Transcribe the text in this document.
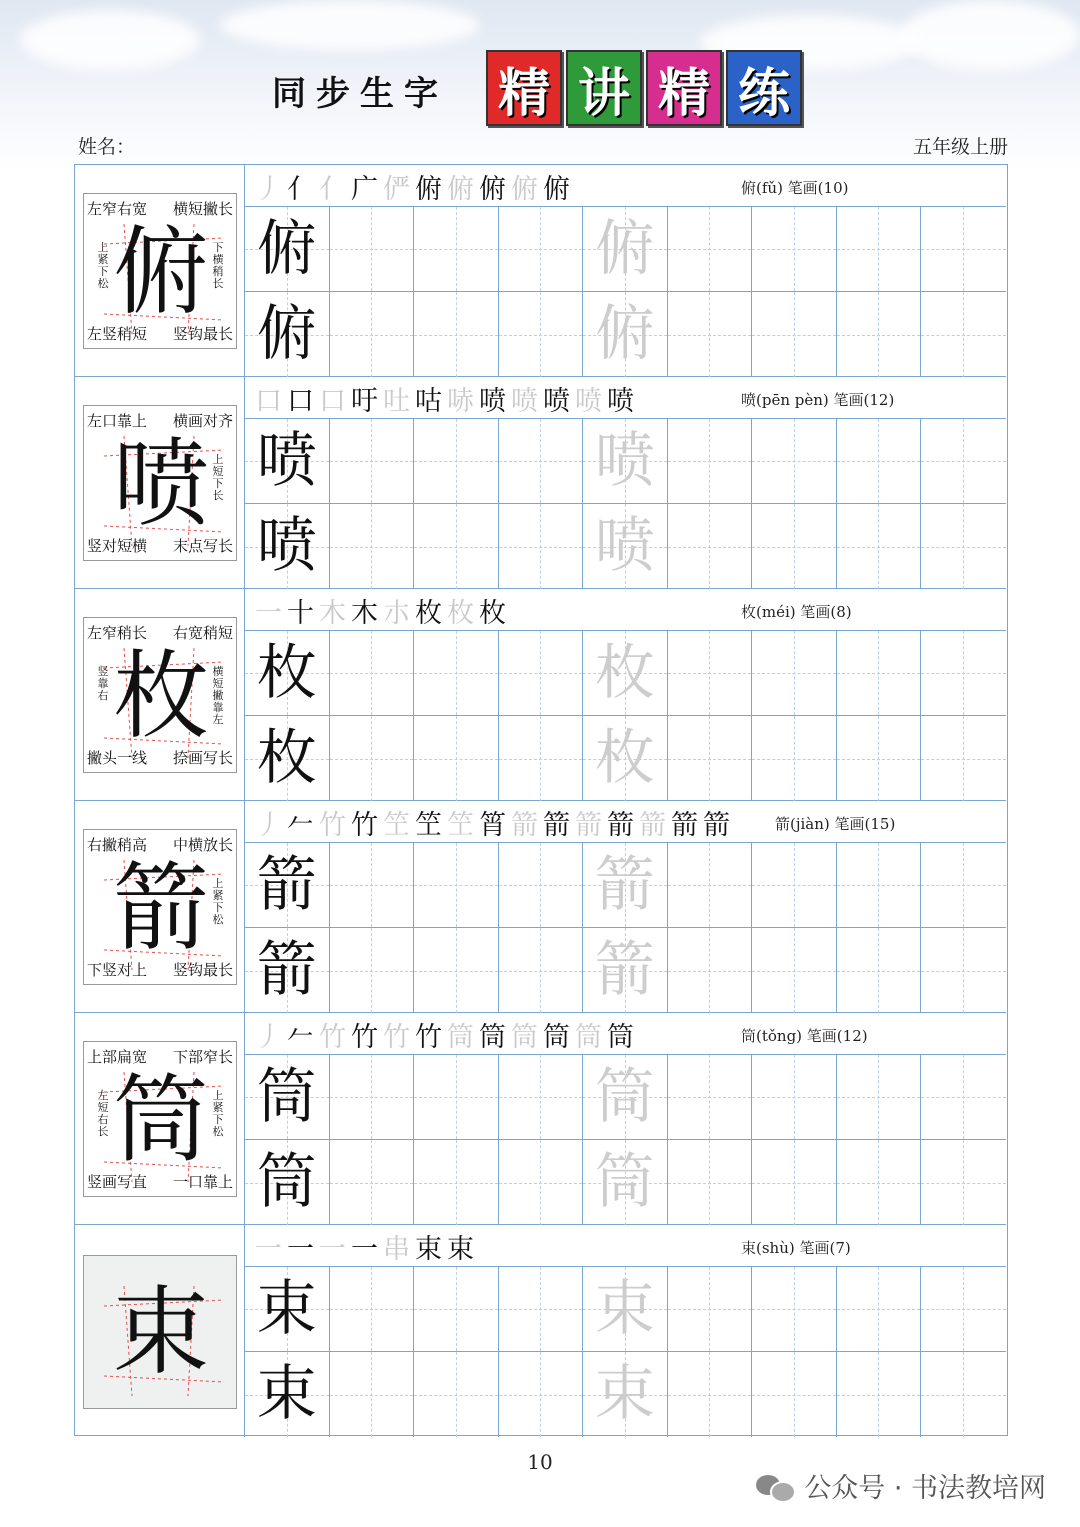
同步生字 精 讲 精 练
姓名：	五年级上册
左窄右宽 横短撇长
左竖稍短 竖钩最长
上紧下松
下横稍长
俯
丿 亻 亻 广 俨 俯 俯 俯 俯 俯	俯(fǔ) 笔画(10)
俯	俯
俯	俯
左口靠上 横画对齐
竖对短横 末点写长
上短下长
喷
口 口 口 吁 吐 咕 哧 喷 喷 喷 喷 喷	喷(pēn pèn) 笔画(12)
喷	喷
喷	喷
左窄稍长 右宽稍短
撇头一线 捺画写长
竖靠右
横短撇靠左
枚
一 十 木 木 朩 枚 枚 枚	枚(méi) 笔画(8)
枚	枚
枚	枚
右撇稍高 中横放长
下竖对上 竖钩最长
上紧下松
箭
丿 𠂉 竹 竹 笁 笁 笁 筲 箭 箭 箭 箭 箭 箭 箭	箭(jiàn) 笔画(15)
箭	箭
箭	箭
上部扁宽 下部窄长
竖画写直 一口靠上
左短右长
上紧下松
筒
丿 𠂉 竹 竹 竹 竹 筒 筒 筒 筒 筒 筒	筒(tǒng) 笔画(12)
筒	筒
筒	筒
束
一 一 一 一 串 束 束	束(shù) 笔画(7)
束	束
束	束
10
公众号 · 书法教培网
